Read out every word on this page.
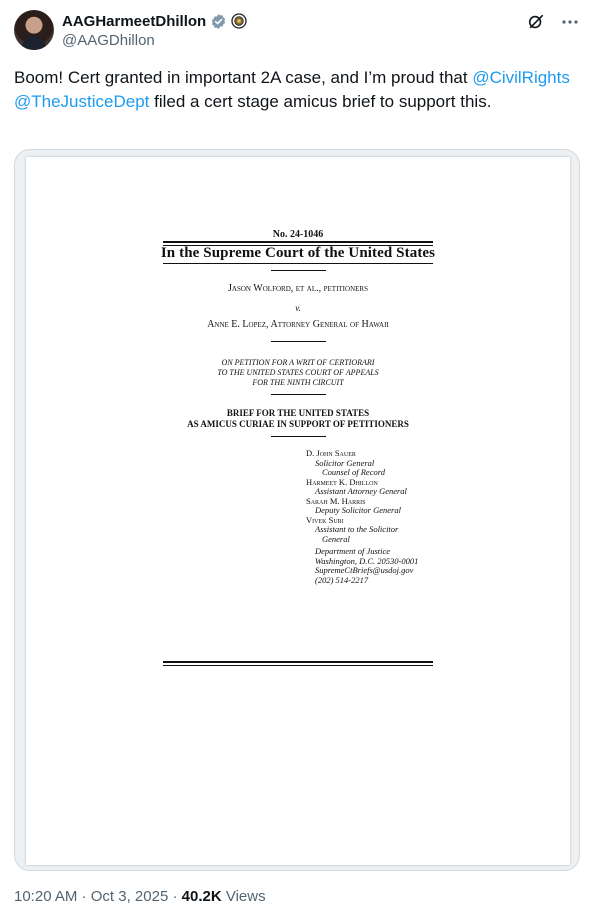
AAGHarmeetDhillon
@AAGDhillon
Boom! Cert granted in important 2A case, and I’m proud that @CivilRights @TheJusticeDept filed a cert stage amicus brief to support this.
No. 24-1046
In the Supreme Court of the United States
Jason Wolford, et al., petitioners
v.
Anne E. Lopez, Attorney General of Hawaii
ON PETITION FOR A WRIT OF CERTIORARI
TO THE UNITED STATES COURT OF APPEALS
FOR THE NINTH CIRCUIT
BRIEF FOR THE UNITED STATES
AS AMICUS CURIAE IN SUPPORT OF PETITIONERS
D. John Sauer
Solicitor General
Counsel of Record
Harmeet K. Dhillon
Assistant Attorney General
Sarah M. Harris
Deputy Solicitor General
Vivek Suri
Assistant to the Solicitor
General
Department of Justice
Washington, D.C. 20530-0001
SupremeCtBriefs@usdoj.gov
(202) 514-2217
10:20 AM · Oct 3, 2025 · 40.2K Views
